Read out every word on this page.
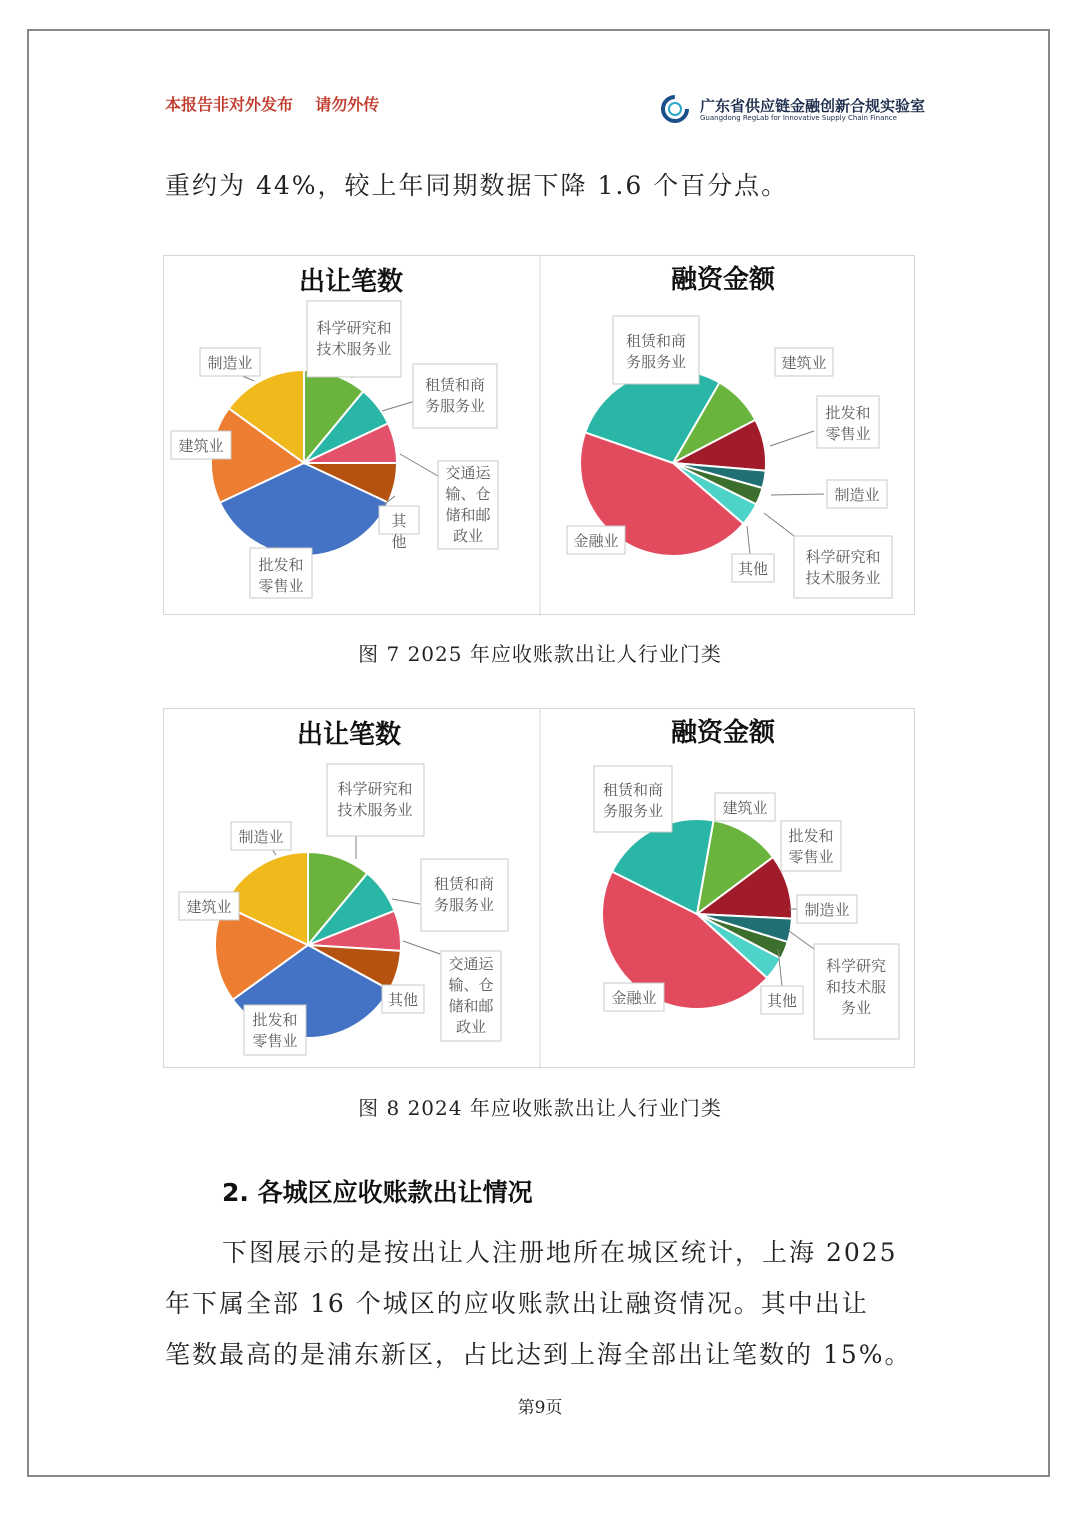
本报告非对外发布    请勿外传	广东省供应链金融创新合规实验室
Guangdong RegLab for Innovative Supply Chain Finance
重约为 44%，较上年同期数据下降 1.6 个百分点。
出让笔数	融资金额
科学研究和技术服务业
租赁和商务服务业
交通运输、仓储和邮政业
其他
批发和零售业
建筑业
制造业	建筑业
批发和零售业
制造业
科学研究和技术服务业
其他
金融业
租赁和商务服务业
图 7 2025 年应收账款出让人行业门类
出让笔数	融资金额
科学研究和技术服务业
租赁和商务服务业
交通运输、仓储和邮政业
其他
批发和零售业
建筑业
制造业
建筑业
批发和零售业
制造业
科学研究和技术服务业
其他
金融业
租赁和商务服务业
图 8 2024 年应收账款出让人行业门类
2. 各城区应收账款出让情况
下图展示的是按出让人注册地所在城区统计，上海 2025
年下属全部 16 个城区的应收账款出让融资情况。其中出让
笔数最高的是浦东新区，占比达到上海全部出让笔数的 15%。
第9页
